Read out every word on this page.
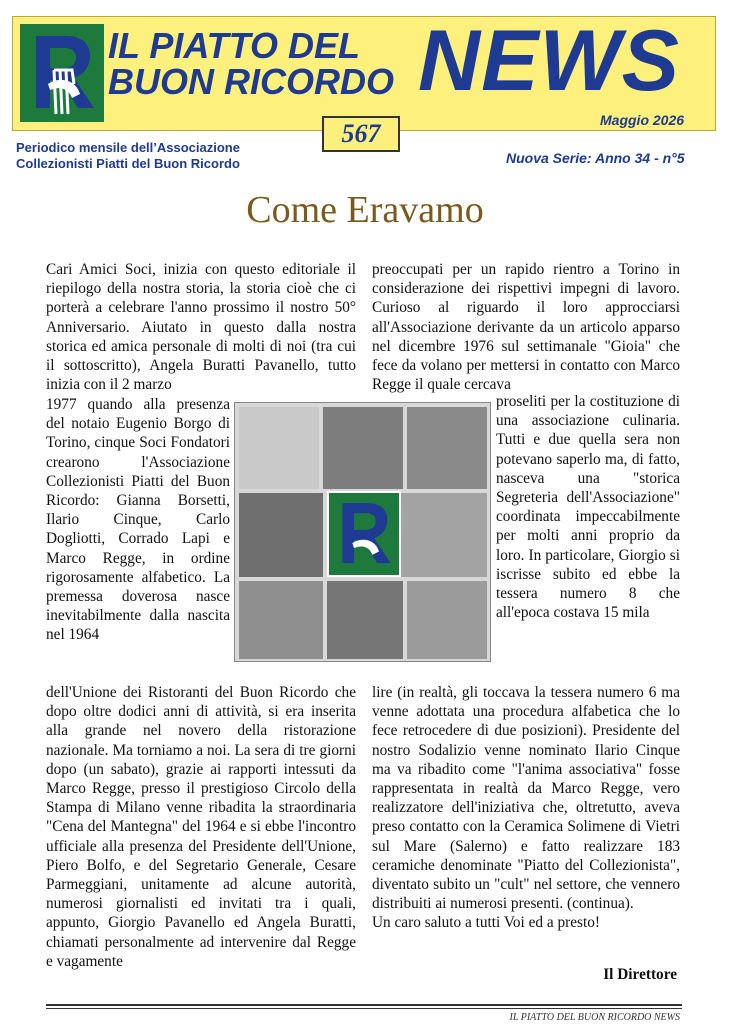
IL PIATTO DEL
BUON RICORDO NEWS
Maggio 2026
567
Periodico mensile dell’Associazione
Collezionisti Piatti del Buon Ricordo	Nuova Serie: Anno 34 - n°5
Come Eravamo
Cari Amici Soci, inizia con questo editoriale il riepilogo della nostra storia, la storia cioè che ci porterà a celebrare l'anno prossimo il nostro 50° Anniversario. Aiutato in questo dalla nostra storica ed amica personale di molti di noi (tra cui il sottoscritto), Angela Buratti Pavanello, tutto inizia con il 2 marzo
1977 quando alla presenza del notaio Eugenio Borgo di Torino, cinque Soci Fondatori crearono l'Associazione Collezionisti Piatti del Buon Ricordo: Gianna Borsetti, Ilario Cinque, Carlo Dogliotti, Corrado Lapi e Marco Regge, in ordine rigorosamente alfabetico. La premessa doverosa nasce inevitabilmente dalla nascita nel 1964
dell'Unione dei Ristoranti del Buon Ricordo che dopo oltre dodici anni di attività, si era inserita alla grande nel novero della ristorazione nazionale. Ma torniamo a noi. La sera di tre giorni dopo (un sabato), grazie ai rapporti intessuti da Marco Regge, presso il prestigioso Circolo della Stampa di Milano venne ribadita la straordinaria "Cena del Mantegna" del 1964 e si ebbe l'incontro ufficiale alla presenza del Presidente dell'Unione, Piero Bolfo, e del Segretario Generale, Cesare Parmeggiani, unitamente ad alcune autorità, numerosi giornalisti ed invitati tra i quali, appunto, Giorgio Pavanello ed Angela Buratti, chiamati personalmente ad intervenire dal Regge e vagamente
preoccupati per un rapido rientro a Torino in considerazione dei rispettivi impegni di lavoro. Curioso al riguardo il loro approcciarsi all'Associazione derivante da un articolo apparso nel dicembre 1976 sul settimanale "Gioia" che fece da volano per mettersi in contatto con Marco Regge il quale cercava
proseliti per la costituzione di una associazione culinaria. Tutti e due quella sera non potevano saperlo ma, di fatto, nasceva una "storica Segreteria dell'Associazione" coordinata impeccabilmente per molti anni proprio da loro. In particolare, Giorgio si iscrisse subito ed ebbe la tessera numero 8 che all'epoca costava 15 mila
lire (in realtà, gli toccava la tessera numero 6 ma venne adottata una procedura alfabetica che lo fece retrocedere di due posizioni). Presidente del nostro Sodalizio venne nominato Ilario Cinque ma va ribadito come "l'anima associativa" fosse rappresentata in realtà da Marco Regge, vero realizzatore dell'iniziativa che, oltretutto, aveva preso contatto con la Ceramica Solimene di Vietri sul Mare (Salerno) e fatto realizzare 183 ceramiche denominate "Piatto del Collezionista", diventato subito un "cult" nel settore, che vennero distribuiti ai numerosi presenti. (continua).
Un caro saluto a tutti Voi ed a presto!
Il Direttore
IL PIATTO DEL BUON RICORDO NEWS
